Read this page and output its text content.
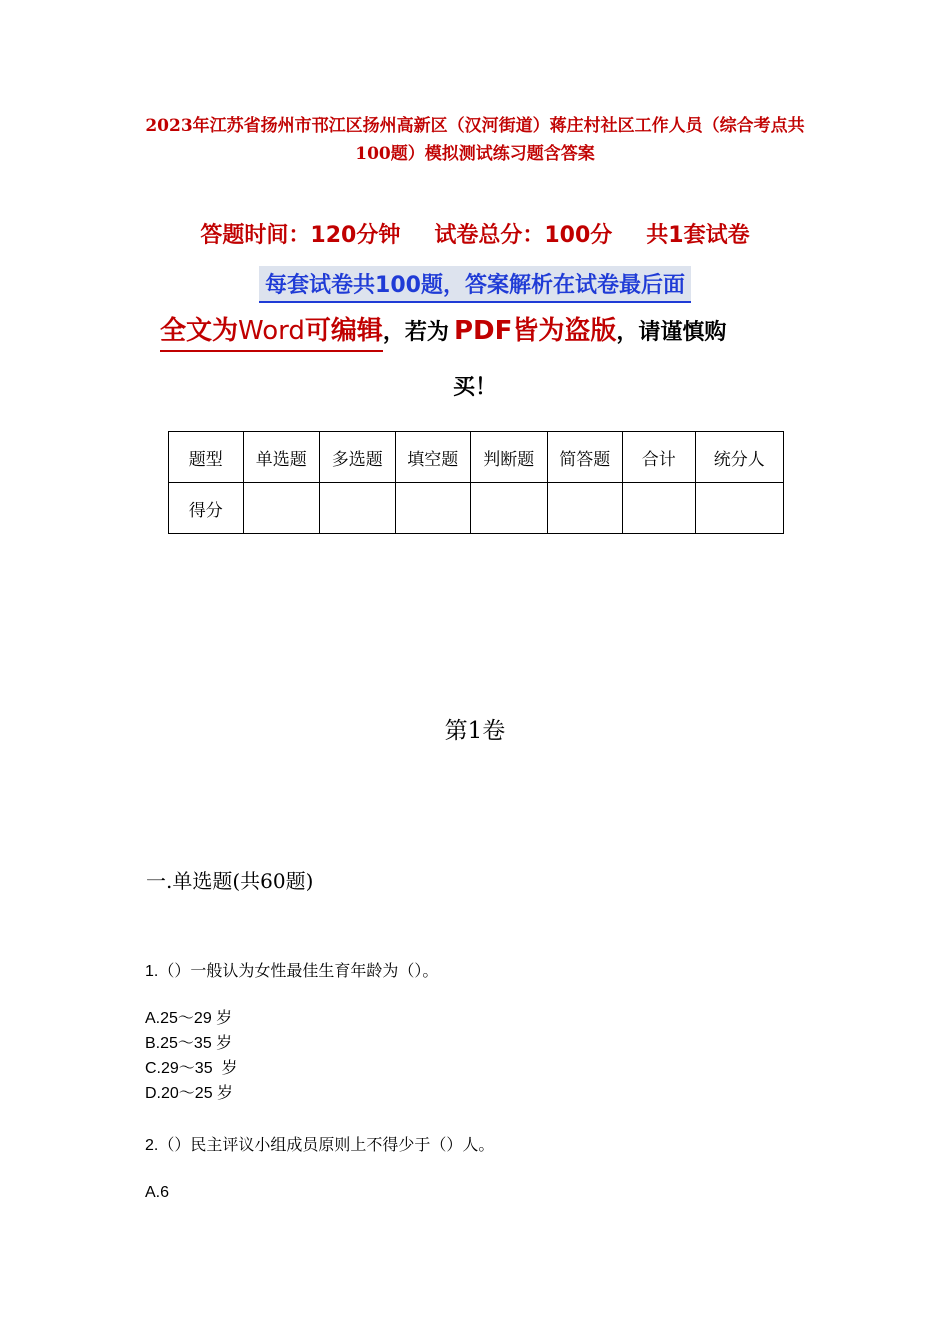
2023年江苏省扬州市邗江区扬州高新区（汉河街道）蒋庄村社区工作人员（综合考点共100题）模拟测试练习题含答案
答题时间：120分钟 试卷总分：100分 共1套试卷
每套试卷共100题，答案解析在试卷最后面
全文为Word可编辑，若为 PDF皆为盗版，请谨慎购
买！
题型	单选题	多选题	填空题	判断题	简答题	合计	统分人
得分							
第1卷
一.单选题(共60题)
1.（）一般认为女性最佳生育年龄为（）。
A.25～29 岁
B.25～35 岁
C.29～35  岁
D.20～25 岁
2.（）民主评议小组成员原则上不得少于（）人。
A.6
